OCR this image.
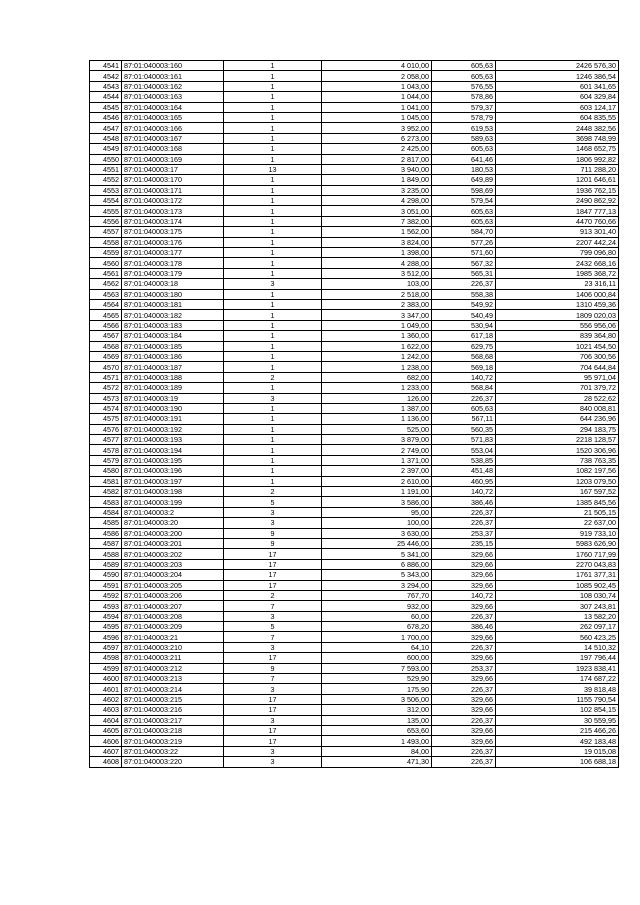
4541	87:01:040003:160	1	4 010,00	605,63	2426 576,30
4542	87:01:040003:161	1	2 058,00	605,63	1246 386,54
4543	87:01:040003:162	1	1 043,00	576,55	601 341,65
4544	87:01:040003:163	1	1 044,00	578,86	604 329,84
4545	87:01:040003:164	1	1 041,00	579,37	603 124,17
4546	87:01:040003:165	1	1 045,00	578,79	604 835,55
4547	87:01:040003:166	1	3 952,00	619,53	2448 382,56
4548	87:01:040003:167	1	6 273,00	589,63	3698 748,99
4549	87:01:040003:168	1	2 425,00	605,63	1468 652,75
4550	87:01:040003:169	1	2 817,00	641,46	1806 992,82
4551	87:01:040003:17	13	3 940,00	180,53	711 288,20
4552	87:01:040003:170	1	1 849,00	649,89	1201 646,61
4553	87:01:040003:171	1	3 235,00	598,69	1936 762,15
4554	87:01:040003:172	1	4 298,00	579,54	2490 862,92
4555	87:01:040003:173	1	3 051,00	605,63	1847 777,13
4556	87:01:040003:174	1	7 382,00	605,63	4470 760,66
4557	87:01:040003:175	1	1 562,00	584,70	913 301,40
4558	87:01:040003:176	1	3 824,00	577,26	2207 442,24
4559	87:01:040003:177	1	1 398,00	571,60	799 096,80
4560	87:01:040003:178	1	4 288,00	567,32	2432 668,16
4561	87:01:040003:179	1	3 512,00	565,31	1985 368,72
4562	87:01:040003:18	3	103,00	226,37	23 316,11
4563	87:01:040003:180	1	2 518,00	558,38	1406 000,84
4564	87:01:040003:181	1	2 383,00	549,92	1310 459,36
4565	87:01:040003:182	1	3 347,00	540,49	1809 020,03
4566	87:01:040003:183	1	1 049,00	530,94	556 956,06
4567	87:01:040003:184	1	1 360,00	617,18	839 364,80
4568	87:01:040003:185	1	1 622,00	629,75	1021 454,50
4569	87:01:040003:186	1	1 242,00	568,68	706 300,56
4570	87:01:040003:187	1	1 238,00	569,18	704 644,84
4571	87:01:040003:188	2	682,00	140,72	95 971,04
4572	87:01:040003:189	1	1 233,00	568,84	701 379,72
4573	87:01:040003:19	3	126,00	226,37	28 522,62
4574	87:01:040003:190	1	1 387,00	605,63	840 008,81
4575	87:01:040003:191	1	1 136,00	567,11	644 236,96
4576	87:01:040003:192	1	525,00	560,35	294 183,75
4577	87:01:040003:193	1	3 879,00	571,83	2218 128,57
4578	87:01:040003:194	1	2 749,00	553,04	1520 306,96
4579	87:01:040003:195	1	1 371,00	538,85	738 763,35
4580	87:01:040003:196	1	2 397,00	451,48	1082 197,56
4581	87:01:040003:197	1	2 610,00	460,95	1203 079,50
4582	87:01:040003:198	2	1 191,00	140,72	167 597,52
4583	87:01:040003:199	5	3 586,00	386,46	1385 845,56
4584	87:01:040003:2	3	95,00	226,37	21 505,15
4585	87:01:040003:20	3	100,00	226,37	22 637,00
4586	87:01:040003:200	9	3 630,00	253,37	919 733,10
4587	87:01:040003:201	9	25 446,00	235,15	5983 626,90
4588	87:01:040003:202	17	5 341,00	329,66	1760 717,99
4589	87:01:040003:203	17	6 886,00	329,66	2270 043,83
4590	87:01:040003:204	17	5 343,00	329,66	1761 377,31
4591	87:01:040003:205	17	3 294,00	329,66	1085 902,45
4592	87:01:040003:206	2	767,70	140,72	108 030,74
4593	87:01:040003:207	7	932,00	329,66	307 243,81
4594	87:01:040003:208	3	60,00	226,37	13 582,20
4595	87:01:040003:209	5	678,20	386,46	262 097,17
4596	87:01:040003:21	7	1 700,00	329,66	560 423,25
4597	87:01:040003:210	3	64,10	226,37	14 510,32
4598	87:01:040003:211	17	600,00	329,66	197 796,44
4599	87:01:040003:212	9	7 593,00	253,37	1923 838,41
4600	87:01:040003:213	7	529,90	329,66	174 687,22
4601	87:01:040003:214	3	175,90	226,37	39 818,48
4602	87:01:040003:215	17	3 506,00	329,66	1155 790,54
4603	87:01:040003:216	17	312,00	329,66	102 854,15
4604	87:01:040003:217	3	135,00	226,37	30 559,95
4605	87:01:040003:218	17	653,60	329,66	215 466,26
4606	87:01:040003:219	17	1 493,00	329,66	492 183,48
4607	87:01:040003:22	3	84,00	226,37	19 015,08
4608	87:01:040003:220	3	471,30	226,37	106 688,18
